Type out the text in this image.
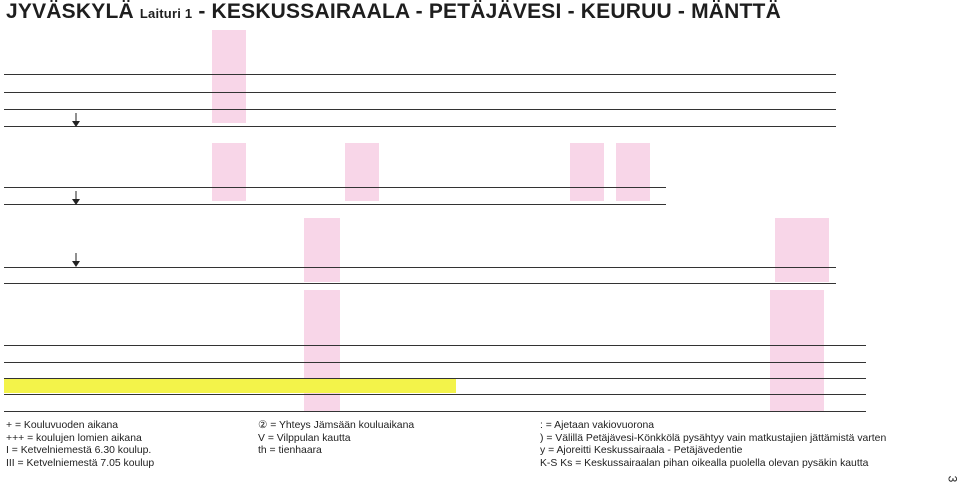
JYVÄSKYLÄ Laituri 1 - KESKUSSAIRAALA - PETÄJÄVESI - KEURUU - MÄNTTÄ
+ = Kouluvuoden aikana
+++ = koulujen lomien aikana
I = Ketvelniemestä 6.30 koulup.
III = Ketvelniemestä 7.05 koulup
② = Yhteys Jämsään kouluaikana
V = Vilppulan kautta
th = tienhaara
: = Ajetaan vakiovuorona
) = Välillä Petäjävesi-Könkkölä pysähtyy vain matkustajien jättämistä varten
y = Ajoreitti Keskussairaala - Petäjävedentie
K-S Ks = Keskussairaalan pihan oikealla puolella olevan pysäkin kautta
3
